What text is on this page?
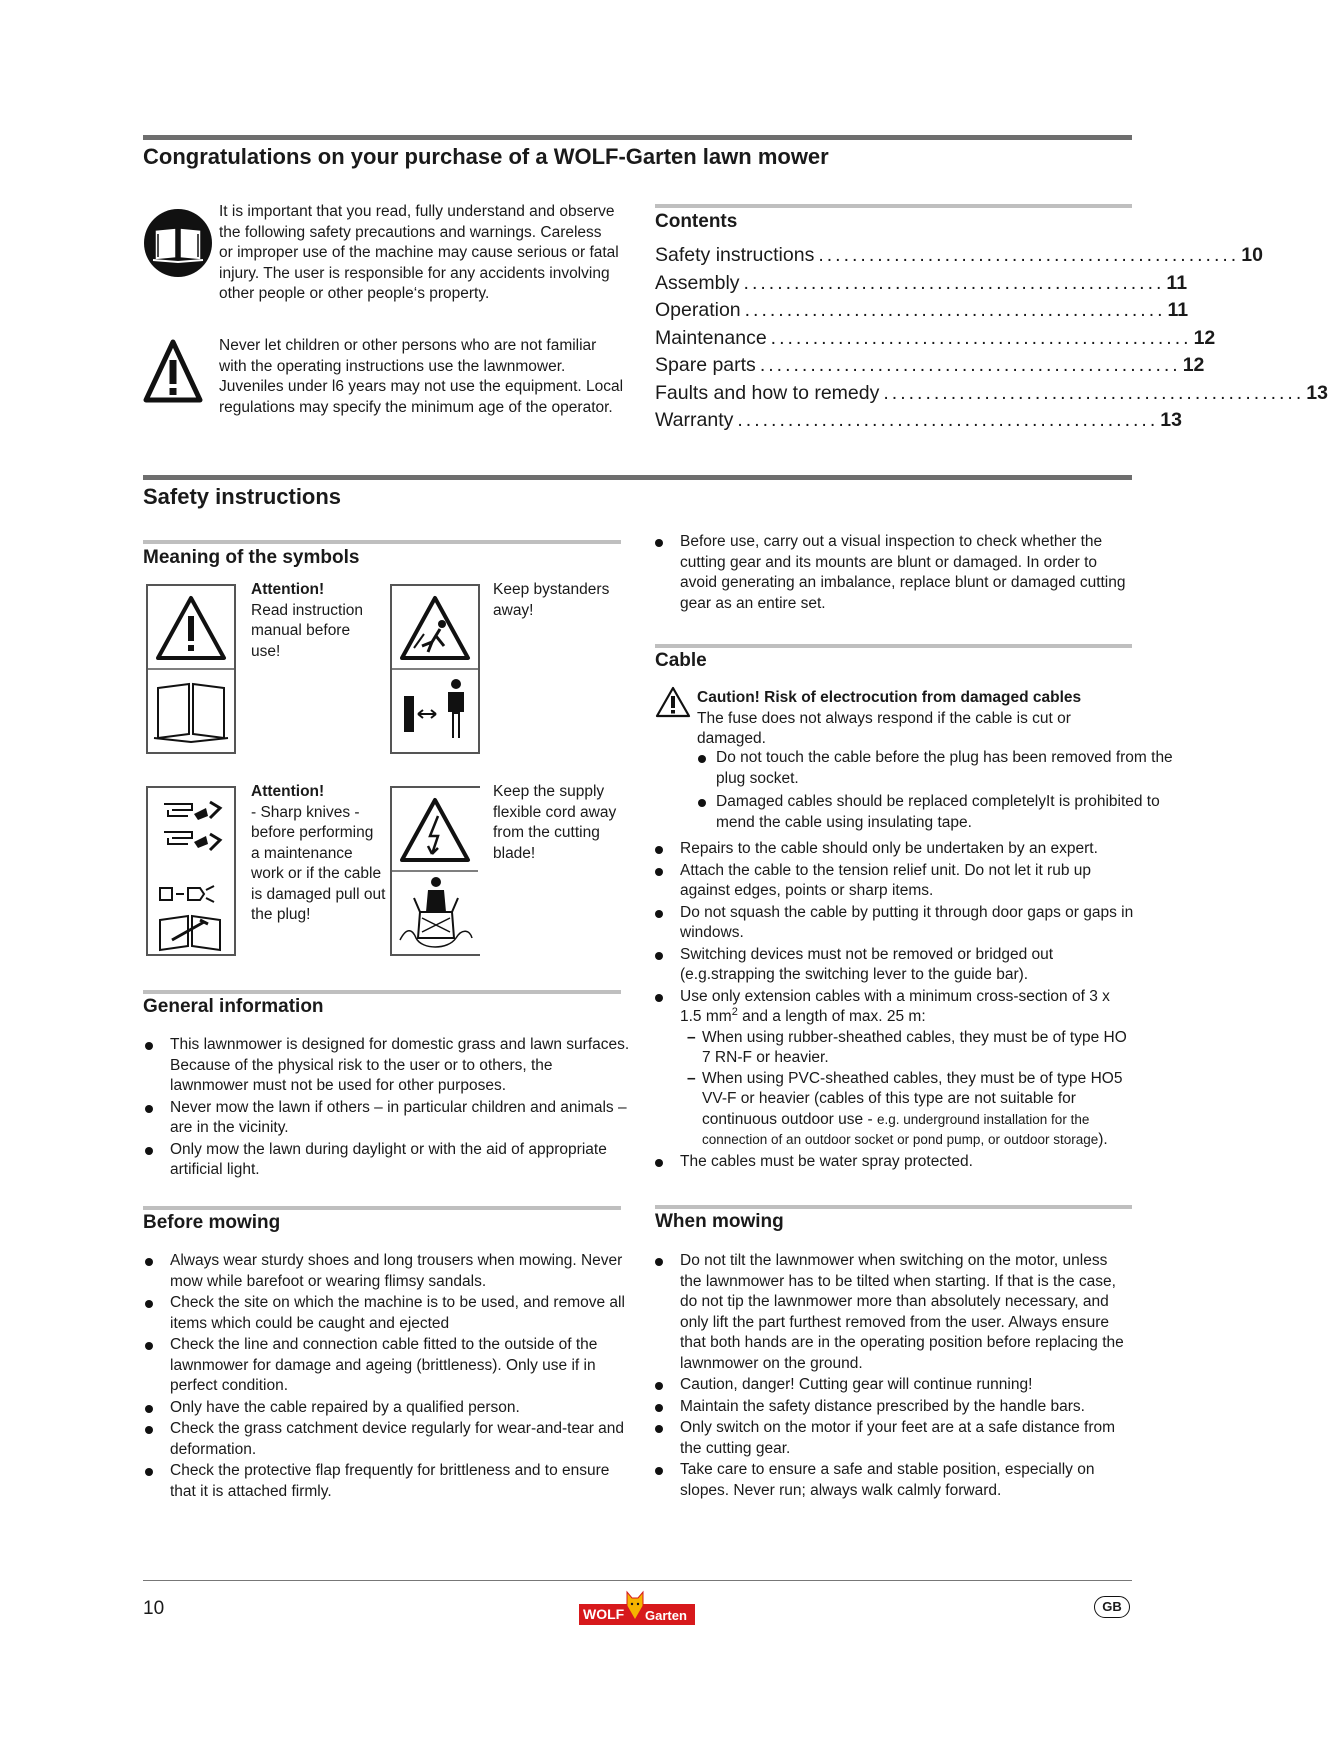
Congratulations on your purchase of a WOLF-Garten lawn mower
It is important that you read, fully understand and observe the following safety precautions and warnings. Careless or improper use of the machine may cause serious or fatal injury. The user is responsible for any accidents involving other people or other people‘s property.
Never let children or other persons who are not familiar with the operating instructions use the lawnmower. Juveniles under l6 years may not use the equipment. Local regulations may specify the minimum age of the operator.
Contents
Safety instructions .................................................. 10
Assembly .................................................. 11
Operation .................................................. 11
Maintenance .................................................. 12
Spare parts .................................................. 12
Faults and how to remedy .................................................. 13
Warranty .................................................. 13
Safety instructions
Meaning of the symbols
Attention!
Read instruction manual before use!
Keep bystanders away!
Attention!
- Sharp knives - before performing a maintenance work or if the cable is damaged pull out the plug!
Keep the supply flexible cord away from the cutting blade!
General information
This lawnmower is designed for domestic grass and lawn surfaces. Because of the physical risk to the user or to others, the lawnmower must not be used for other purposes.
Never mow the lawn if others – in particular children and animals – are in the vicinity.
Only mow the lawn during daylight or with the aid of appropriate artificial light.
Before mowing
Always wear sturdy shoes and long trousers when mowing. Never mow while barefoot or wearing flimsy sandals.
Check the site on which the machine is to be used, and remove all items which could be caught and ejected
Check the line and connection cable fitted to the outside of the lawnmower for damage and ageing (brittleness). Only use if in perfect condition.
Only have the cable repaired by a qualified person.
Check the grass catchment device regularly for wear-and-tear and deformation.
Check the protective flap frequently for brittleness and to ensure that it is attached firmly.
Before use, carry out a visual inspection to check whether the cutting gear and its mounts are blunt or damaged. In order to avoid generating an imbalance, replace blunt or damaged cutting gear as an entire set.
Cable
Caution! Risk of electrocution from damaged cables
The fuse does not always respond if the cable is cut or damaged.
Do not touch the cable before the plug has been removed from the plug socket.
Damaged cables should be replaced completelyIt is prohibited to mend the cable using insulating tape.
Repairs to the cable should only be undertaken by an expert.
Attach the cable to the tension relief unit. Do not let it rub up against edges, points or sharp items.
Do not squash the cable by putting it through door gaps or gaps in windows.
Switching devices must not be removed or bridged out (e.g.strapping the switching lever to the guide bar).
Use only extension cables with a minimum cross-section of 3 x 1.5 $mm^2$ and a length of max. 25 m:
– When using rubber-sheathed cables, they must be of type HO 7 RN-F or heavier.
– When using PVC-sheathed cables, they must be of type HO5 VV-F or heavier (cables of this type are not suitable for continuous outdoor use - e.g. underground installation for the connection of an outdoor socket or pond pump, or outdoor storage).
The cables must be water spray protected.
When mowing
Do not tilt the lawnmower when switching on the motor, unless the lawnmower has to be tilted when starting. If that is the case, do not tip the lawnmower more than absolutely necessary, and only lift the part furthest removed from the user. Always ensure that both hands are in the operating position before replacing the lawnmower on the ground.
Caution, danger! Cutting gear will continue running!
Maintain the safety distance prescribed by the handle bars.
Only switch on the motor if your feet are at a safe distance from the cutting gear.
Take care to ensure a safe and stable position, especially on slopes. Never run; always walk calmly forward.
10	WOLF Garten
GB
